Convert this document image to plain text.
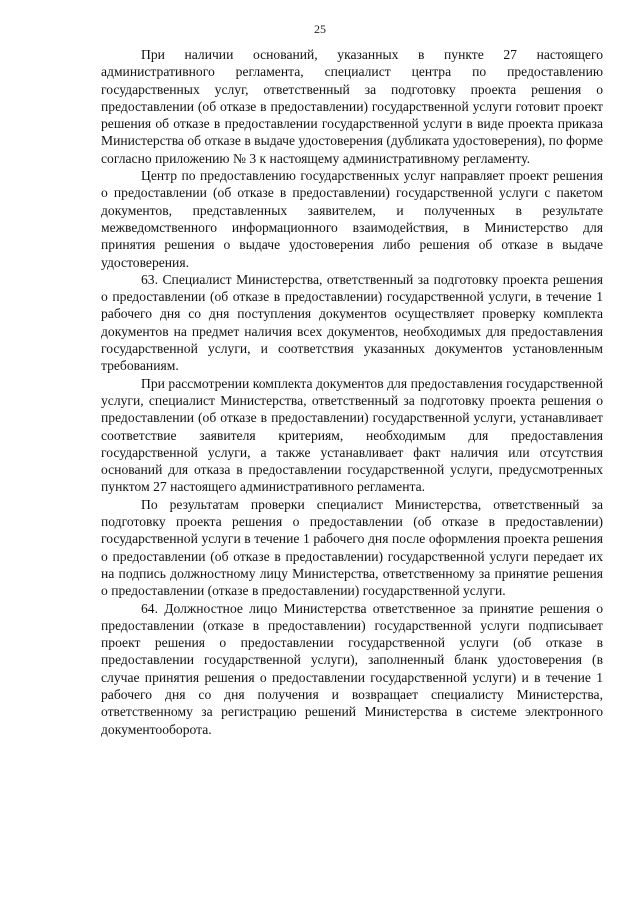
25

При наличии оснований, указанных в пункте 27 настоящего административного регламента, специалист центра по предоставлению государственных услуг, ответственный за подготовку проекта решения о предоставлении (об отказе в предоставлении) государственной услуги готовит проект решения об отказе в предоставлении государственной услуги в виде проекта приказа Министерства об отказе в выдаче удостоверения (дубликата удостоверения), по форме согласно приложению № 3 к настоящему административному регламенту.

Центр по предоставлению государственных услуг направляет проект решения о предоставлении (об отказе в предоставлении) государственной услуги с пакетом документов, представленных заявителем, и полученных в результате межведомственного информационного взаимодействия, в Министерство для принятия решения о выдаче удостоверения либо решения об отказе в выдаче удостоверения.

63. Специалист Министерства, ответственный за подготовку проекта решения о предоставлении (об отказе в предоставлении) государственной услуги, в течение 1 рабочего дня со дня поступления документов осуществляет проверку комплекта документов на предмет наличия всех документов, необходимых для предоставления государственной услуги, и соответствия указанных документов установленным требованиям.

При рассмотрении комплекта документов для предоставления государственной услуги, специалист Министерства, ответственный за подготовку проекта решения о предоставлении (об отказе в предоставлении) государственной услуги, устанавливает соответствие заявителя критериям, необходимым для предоставления государственной услуги, а также устанавливает факт наличия или отсутствия оснований для отказа в предоставлении государственной услуги, предусмотренных пунктом 27 настоящего административного регламента.

По результатам проверки специалист Министерства, ответственный за подготовку проекта решения о предоставлении (об отказе в предоставлении) государственной услуги в течение 1 рабочего дня после оформления проекта решения о предоставлении (об отказе в предоставлении) государственной услуги передает их на подпись должностному лицу Министерства, ответственному за принятие решения о предоставлении (отказе в предоставлении) государственной услуги.

64. Должностное лицо Министерства ответственное за принятие решения о предоставлении (отказе в предоставлении) государственной услуги подписывает проект решения о предоставлении государственной услуги (об отказе в предоставлении государственной услуги), заполненный бланк удостоверения (в случае принятия решения о предоставлении государственной услуги) и в течение 1 рабочего дня со дня получения и возвращает специалисту Министерства, ответственному за регистрацию решений Министерства в системе электронного документооборота.
